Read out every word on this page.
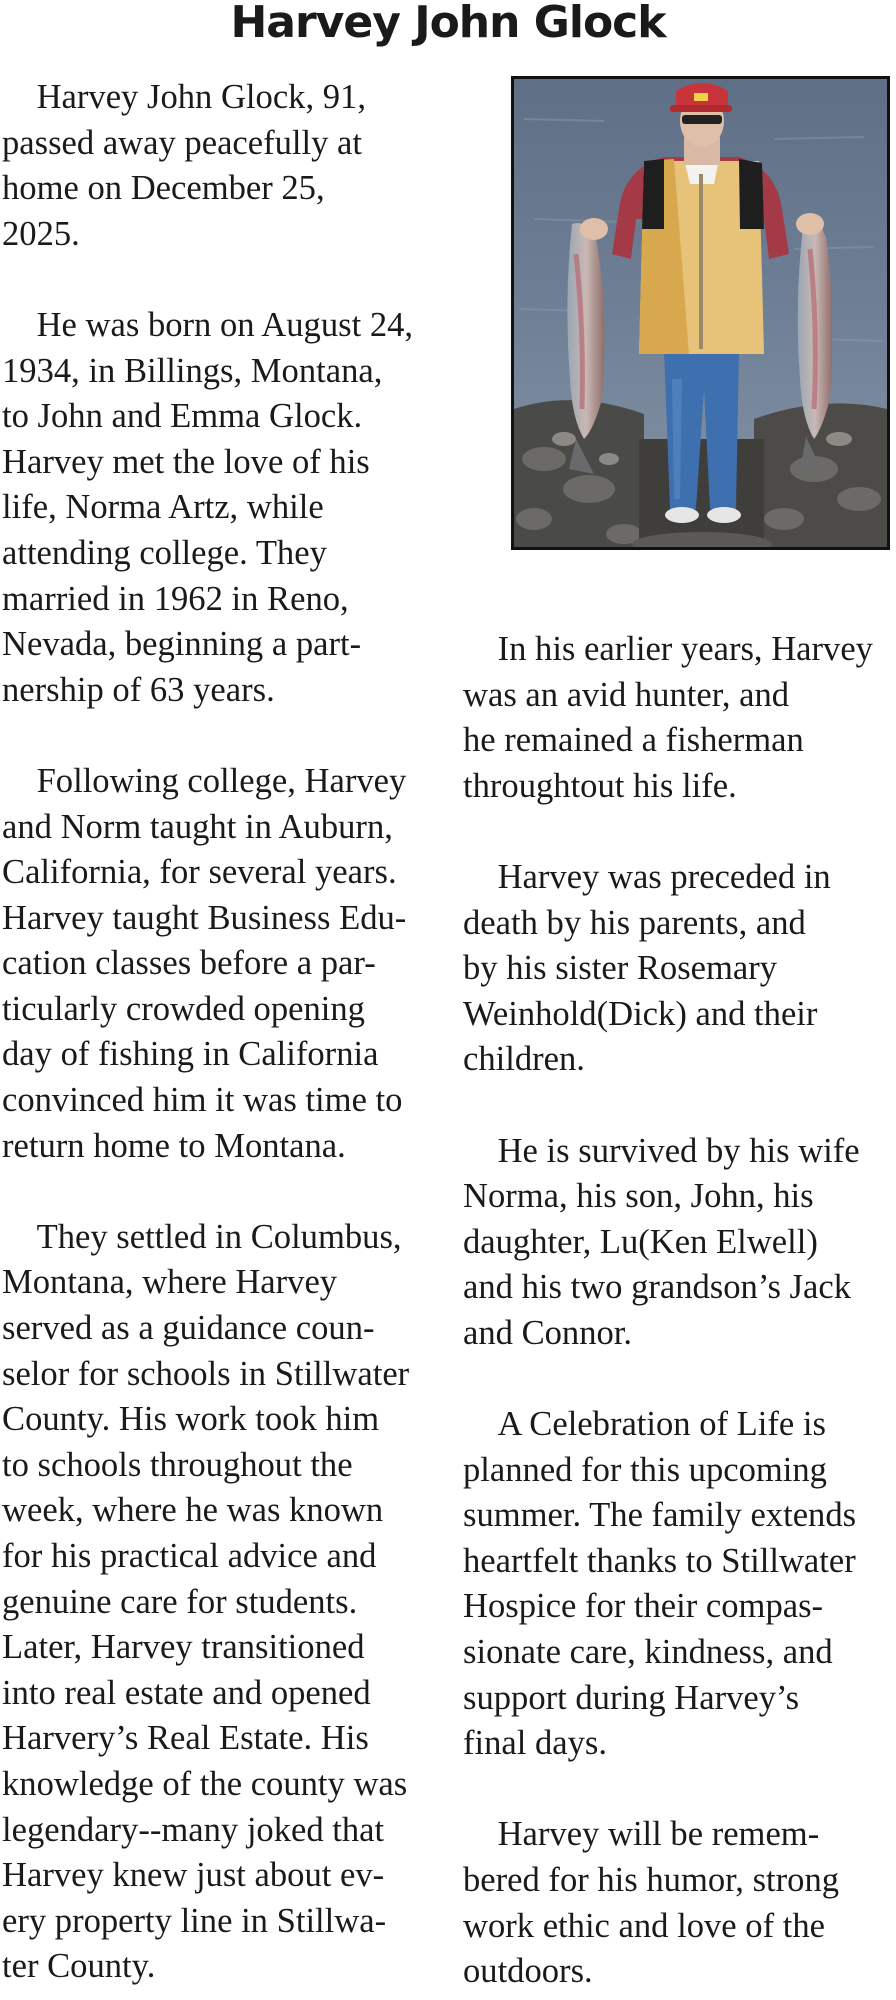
Harvey John Glock

 Harvey John Glock, 91,
passed away peacefully at
home on December 25,
2025.

 He was born on August 24,
1934, in Billings, Montana,
to John and Emma Glock.
Harvey met the love of his
life, Norma Artz, while
attending college. They
married in 1962 in Reno,
Nevada, beginning a part-
nership of 63 years.

 Following college, Harvey
and Norm taught in Auburn,
California, for several years.
Harvey taught Business Edu-
cation classes before a par-
ticularly crowded opening
day of fishing in California
convinced him it was time to
return home to Montana.

 They settled in Columbus,
Montana, where Harvey
served as a guidance coun-
selor for schools in Stillwater
County. His work took him
to schools throughout the
week, where he was known
for his practical advice and
genuine care for students.
Later, Harvey transitioned
into real estate and opened
Harvery’s Real Estate. His
knowledge of the county was
legendary--many joked that
Harvey knew just about ev-
ery property line in Stillwa-
ter County.

 In his earlier years, Harvey
was an avid hunter, and
he remained a fisherman
throughtout his life.

 Harvey was preceded in
death by his parents, and
by his sister Rosemary
Weinhold(Dick) and their
children.

 He is survived by his wife
Norma, his son, John, his
daughter, Lu(Ken Elwell)
and his two grandson’s Jack
and Connor.

 A Celebration of Life is
planned for this upcoming
summer. The family extends
heartfelt thanks to Stillwater
Hospice for their compas-
sionate care, kindness, and
support during Harvey’s
final days.

 Harvey will be remem-
bered for his humor, strong
work ethic and love of the
outdoors.
